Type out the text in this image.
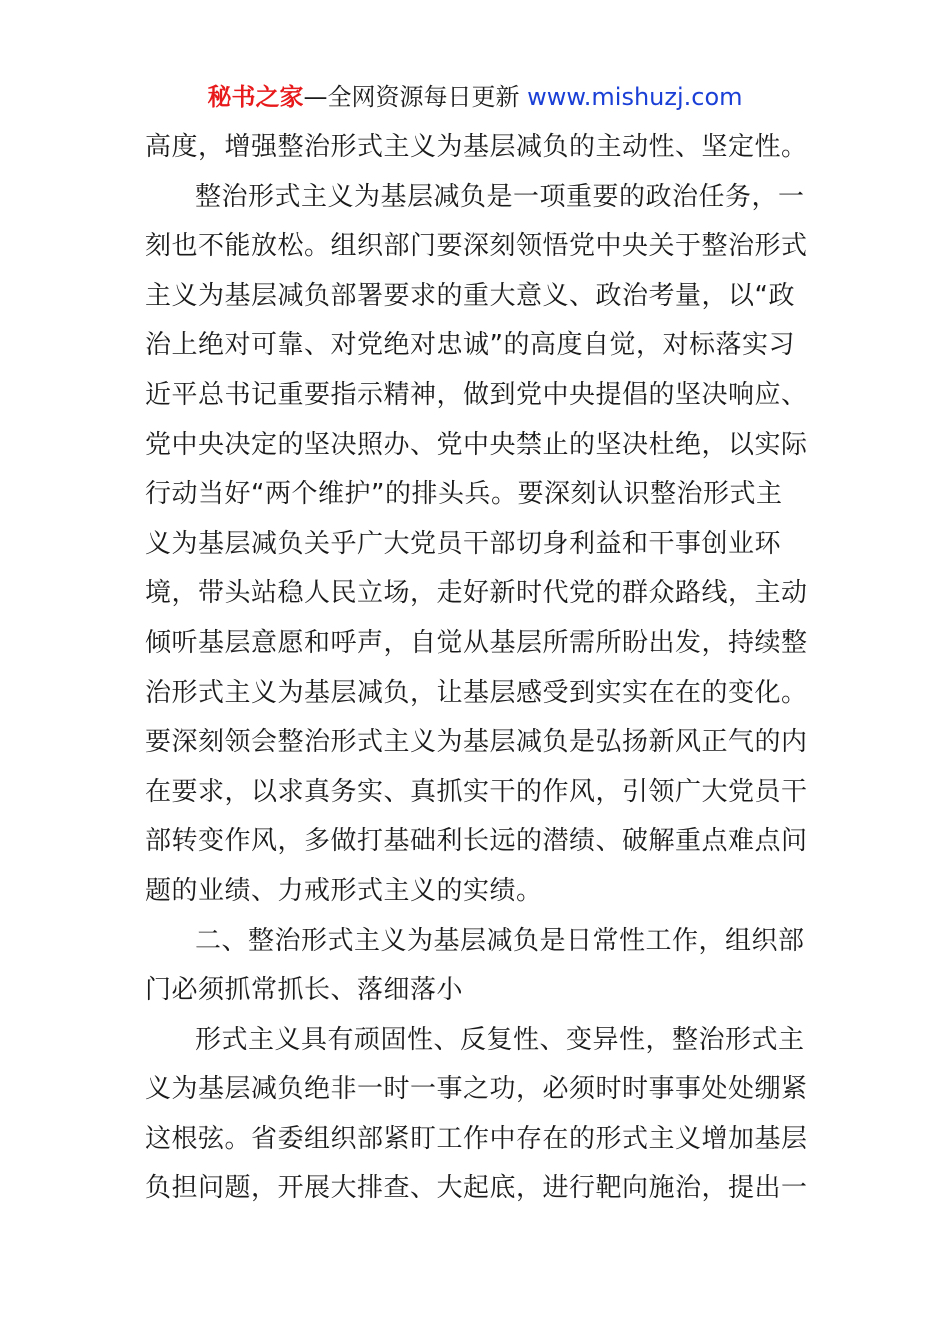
秘书之家—全网资源每日更新 www.mishuzj.com
高度，增强整治形式主义为基层减负的主动性、坚定性。
整治形式主义为基层减负是一项重要的政治任务，一
刻也不能放松。组织部门要深刻领悟党中央关于整治形式
主义为基层减负部署要求的重大意义、政治考量，以“政
治上绝对可靠、对党绝对忠诚”的高度自觉，对标落实习
近平总书记重要指示精神，做到党中央提倡的坚决响应、
党中央决定的坚决照办、党中央禁止的坚决杜绝，以实际
行动当好“两个维护”的排头兵。要深刻认识整治形式主
义为基层减负关乎广大党员干部切身利益和干事创业环
境，带头站稳人民立场，走好新时代党的群众路线，主动
倾听基层意愿和呼声，自觉从基层所需所盼出发，持续整
治形式主义为基层减负，让基层感受到实实在在的变化。
要深刻领会整治形式主义为基层减负是弘扬新风正气的内
在要求，以求真务实、真抓实干的作风，引领广大党员干
部转变作风，多做打基础利长远的潜绩、破解重点难点问
题的业绩、力戒形式主义的实绩。
二、整治形式主义为基层减负是日常性工作，组织部
门必须抓常抓长、落细落小
形式主义具有顽固性、反复性、变异性，整治形式主
义为基层减负绝非一时一事之功，必须时时事事处处绷紧
这根弦。省委组织部紧盯工作中存在的形式主义增加基层
负担问题，开展大排查、大起底，进行靶向施治，提出一
